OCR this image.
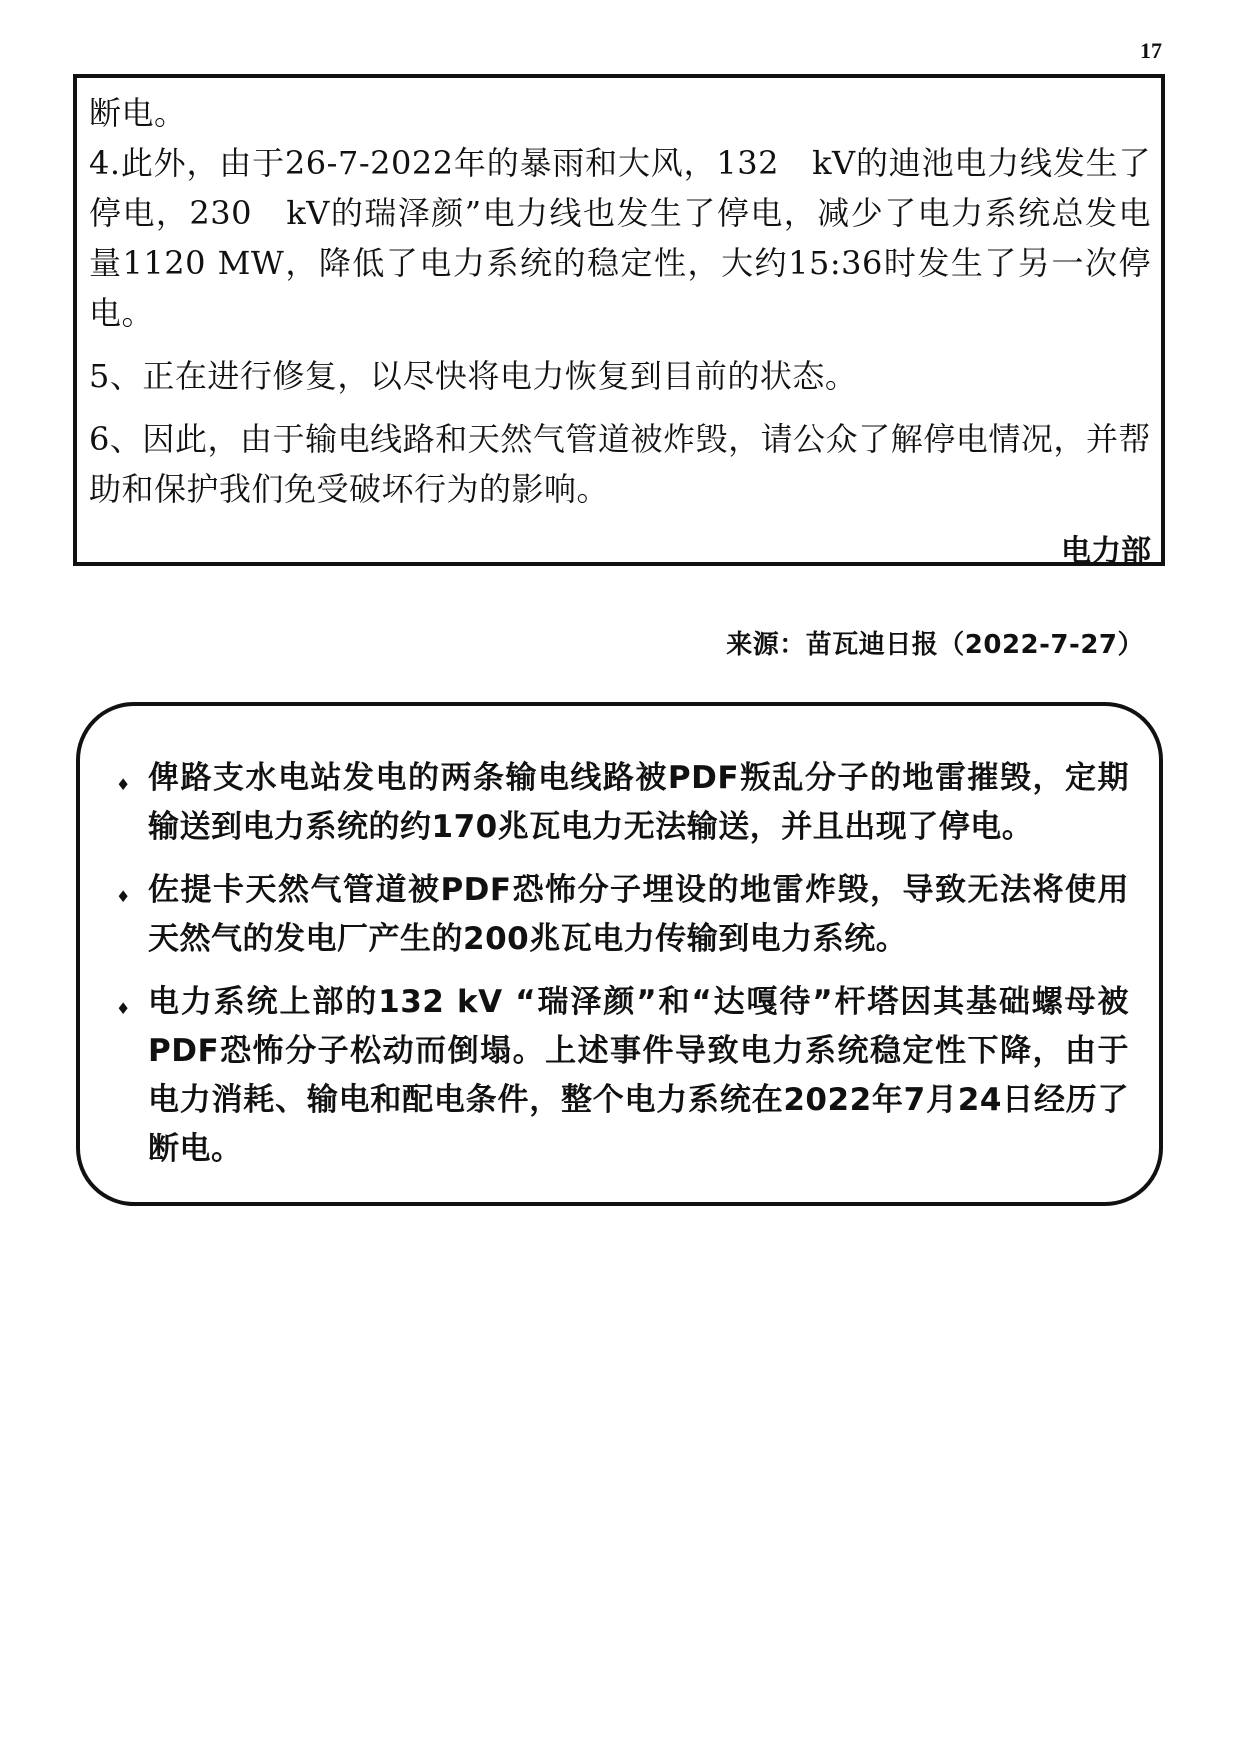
17

断电。

4.此外，由于26-7-2022年的暴雨和大风，132　kV的迪池电力线发生了停电，230　kV的瑞泽颜”电力线也发生了停电，减少了电力系统总发电量1120 MW，降低了电力系统的稳定性，大约15:36时发生了另一次停电。

5、正在进行修复，以尽快将电力恢复到目前的状态。

6、因此，由于输电线路和天然气管道被炸毁，请公众了解停电情况，并帮助和保护我们免受破坏行为的影响。

电力部

来源：苗瓦迪日报（2022-7-27）
♦ 俾路支水电站发电的两条输电线路被PDF叛乱分子的地雷摧毁，定期输送到电力系统的约170兆瓦电力无法输送，并且出现了停电。
♦ 佐提卡天然气管道被PDF恐怖分子埋设的地雷炸毁，导致无法将使用天然气的发电厂产生的200兆瓦电力传输到电力系统。
♦ 电力系统上部的132 kV “瑞泽颜”和“达嘎待”杆塔因其基础螺母被PDF恐怖分子松动而倒塌。上述事件导致电力系统稳定性下降，由于电力消耗、输电和配电条件，整个电力系统在2022年7月24日经历了断电。
